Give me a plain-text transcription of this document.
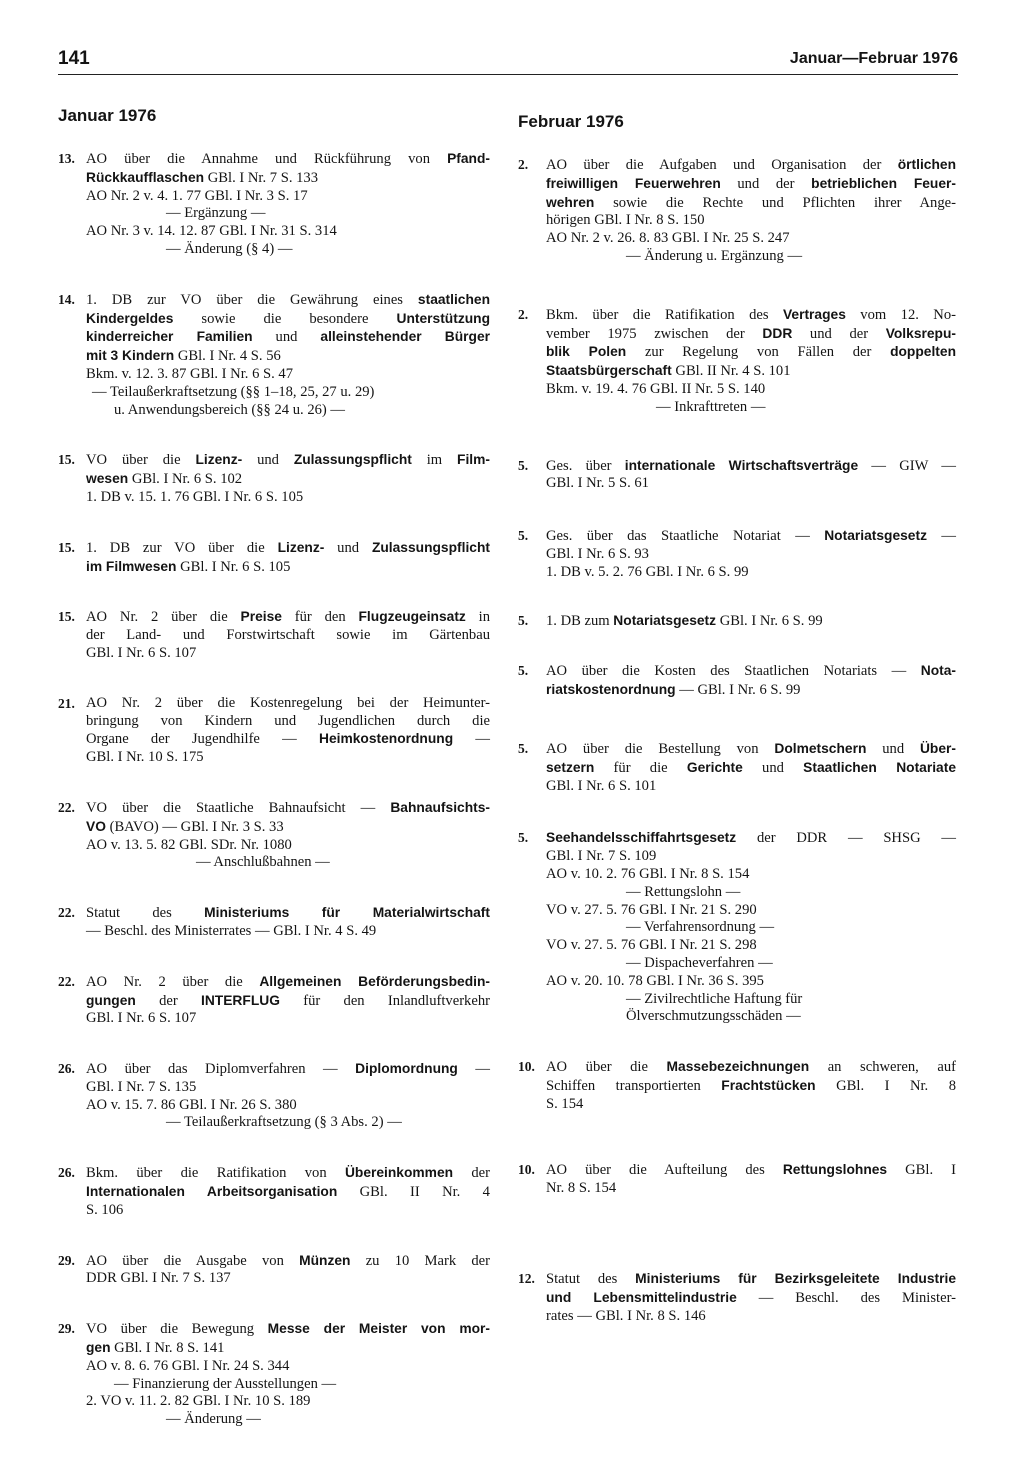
141	Januar—Februar 1976
Januar 1976
13. AO über die Annahme und Rückführung von Pfand-
Rückkaufflaschen GBl. I Nr. 7 S. 133
AO Nr. 2 v. 4. 1. 77 GBl. I Nr. 3 S. 17
— Ergänzung —
AO Nr. 3 v. 14. 12. 87 GBl. I Nr. 31 S. 314
— Änderung (§ 4) —
14. 1. DB zur VO über die Gewährung eines staatlichen
Kindergeldes sowie die besondere Unterstützung
kinderreicher Familien und alleinstehender Bürger
mit 3 Kindern GBl. I Nr. 4 S. 56
Bkm. v. 12. 3. 87 GBl. I Nr. 6 S. 47
— Teilaußerkraftsetzung (§§ 1–18, 25, 27 u. 29)
u. Anwendungsbereich (§§ 24 u. 26) —
15. VO über die Lizenz- und Zulassungspflicht im Film-
wesen GBl. I Nr. 6 S. 102
1. DB v. 15. 1. 76 GBl. I Nr. 6 S. 105
15. 1. DB zur VO über die Lizenz- und Zulassungspflicht
im Filmwesen GBl. I Nr. 6 S. 105
15. AO Nr. 2 über die Preise für den Flugzeugeinsatz in
der Land- und Forstwirtschaft sowie im Gärtenbau
GBl. I Nr. 6 S. 107
21. AO Nr. 2 über die Kostenregelung bei der Heimunter-
bringung von Kindern und Jugendlichen durch die
Organe der Jugendhilfe — Heimkostenordnung —
GBl. I Nr. 10 S. 175
22. VO über die Staatliche Bahnaufsicht — Bahnaufsichts-
VO (BAVO) — GBl. I Nr. 3 S. 33
AO v. 13. 5. 82 GBl. SDr. Nr. 1080
— Anschlußbahnen —
22. Statut des Ministeriums für Materialwirtschaft
— Beschl. des Ministerrates — GBl. I Nr. 4 S. 49
22. AO Nr. 2 über die Allgemeinen Beförderungsbedin-
gungen der INTERFLUG für den Inlandluftverkehr
GBl. I Nr. 6 S. 107
26. AO über das Diplomverfahren — Diplomordnung —
GBl. I Nr. 7 S. 135
AO v. 15. 7. 86 GBl. I Nr. 26 S. 380
— Teilaußerkraftsetzung (§ 3 Abs. 2) —
26. Bkm. über die Ratifikation von Übereinkommen der
Internationalen Arbeitsorganisation GBl. II Nr. 4
S. 106
29. AO über die Ausgabe von Münzen zu 10 Mark der
DDR GBl. I Nr. 7 S. 137
29. VO über die Bewegung Messe der Meister von mor-
gen GBl. I Nr. 8 S. 141
AO v. 8. 6. 76 GBl. I Nr. 24 S. 344
— Finanzierung der Ausstellungen —
2. VO v. 11. 2. 82 GBl. I Nr. 10 S. 189
— Änderung —
Februar 1976
2.	AO über die Aufgaben und Organisation der örtlichen
freiwilligen Feuerwehren und der betrieblichen Feuer-
wehren sowie die Rechte und Pflichten ihrer Ange-
hörigen GBl. I Nr. 8 S. 150
AO Nr. 2 v. 26. 8. 83 GBl. I Nr. 25 S. 247
— Änderung u. Ergänzung —
2.	Bkm. über die Ratifikation des Vertrages vom 12. No-
vember 1975 zwischen der DDR und der Volksrepu-
blik Polen zur Regelung von Fällen der doppelten
Staatsbürgerschaft GBl. II Nr. 4 S. 101
Bkm. v. 19. 4. 76 GBl. II Nr. 5 S. 140
— Inkrafttreten —
5.	Ges. über internationale Wirtschaftsverträge — GIW —
GBl. I Nr. 5 S. 61
5.	Ges. über das Staatliche Notariat — Notariatsgesetz —
GBl. I Nr. 6 S. 93
1. DB v. 5. 2. 76 GBl. I Nr. 6 S. 99
5.	1. DB zum Notariatsgesetz GBl. I Nr. 6 S. 99
5.	AO über die Kosten des Staatlichen Notariats — Nota-
riatskostenordnung — GBl. I Nr. 6 S. 99
5.	AO über die Bestellung von Dolmetschern und Über-
setzern für die Gerichte und Staatlichen Notariate
GBl. I Nr. 6 S. 101
5.	Seehandelsschiffahrtsgesetz der DDR — SHSG —
GBl. I Nr. 7 S. 109
AO v. 10. 2. 76 GBl. I Nr. 8 S. 154
— Rettungslohn —
VO v. 27. 5. 76 GBl. I Nr. 21 S. 290
— Verfahrensordnung —
VO v. 27. 5. 76 GBl. I Nr. 21 S. 298
— Dispacheverfahren —
AO v. 20. 10. 78 GBl. I Nr. 36 S. 395
— Zivilrechtliche Haftung für
Ölverschmutzungsschäden —
10. AO über die Massebezeichnungen an schweren, auf
Schiffen transportierten Frachtstücken GBl. I Nr. 8
S. 154
10. AO über die Aufteilung des Rettungslohnes GBl. I
Nr. 8 S. 154
12. Statut des Ministeriums für Bezirksgeleitete Industrie
und Lebensmittelindustrie — Beschl. des Minister-
rates — GBl. I Nr. 8 S. 146
